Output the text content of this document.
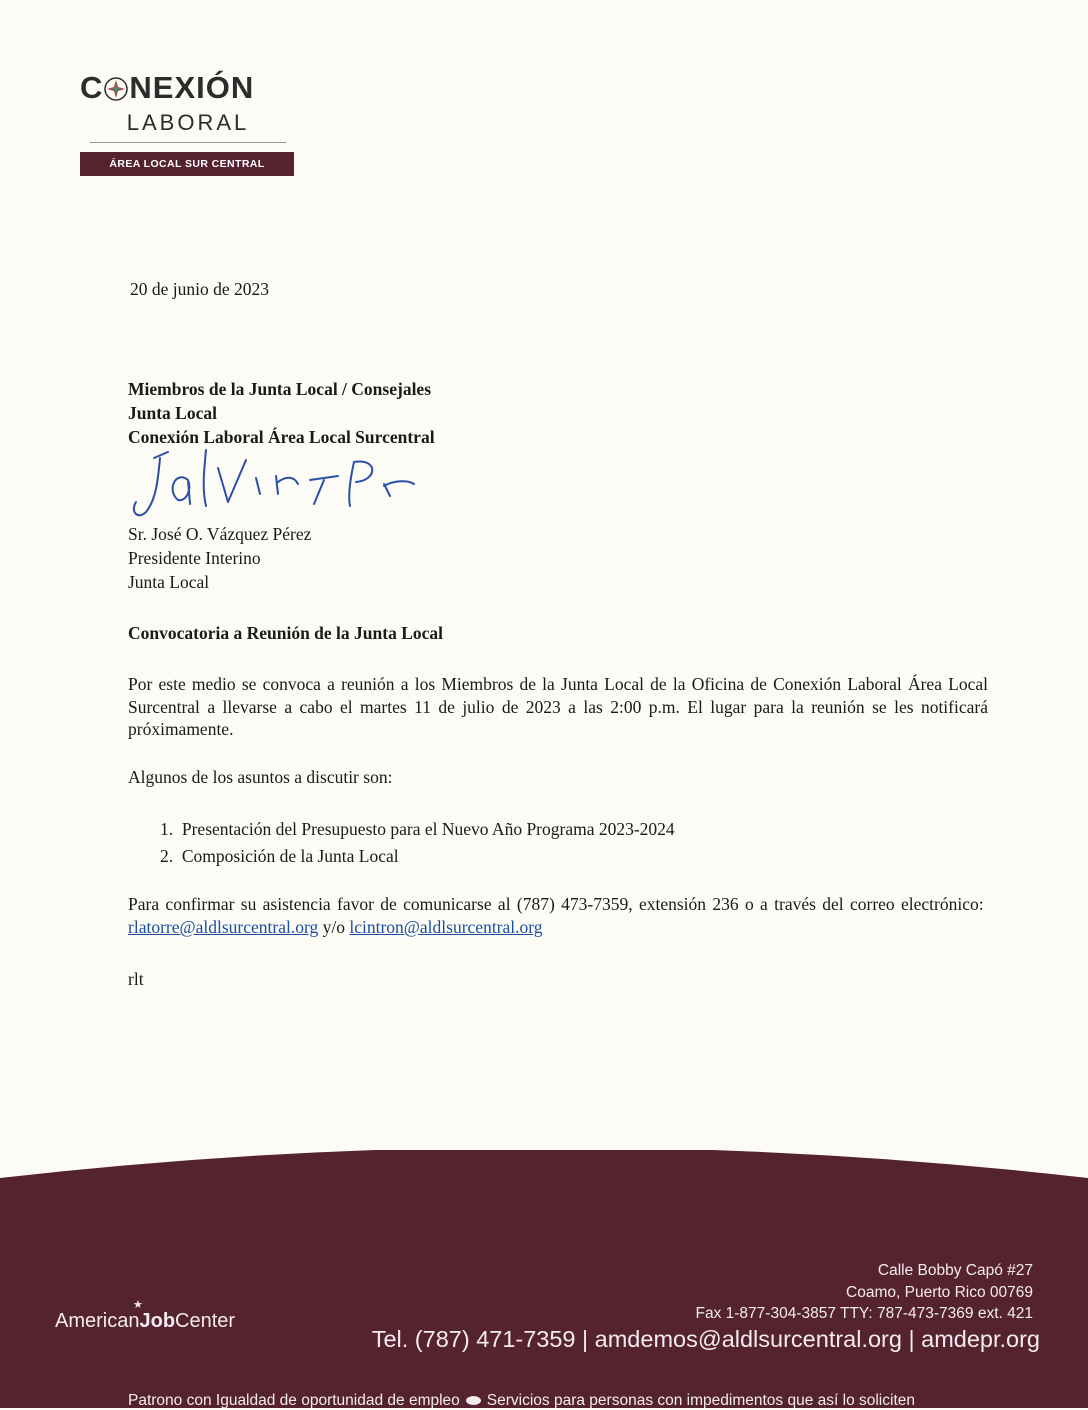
C NEXIÓN
LABORAL
ÁREA LOCAL SUR CENTRAL
20 de junio de 2023
Miembros de la Junta Local / Consejales
Junta Local
Conexión Laboral Área Local Surcentral
Sr. José O. Vázquez Pérez
Presidente Interino
Junta Local
Convocatoria a Reunión de la Junta Local
Por este medio se convoca a reunión a los Miembros de la Junta Local de la Oficina de Conexión Laboral Área Local Surcentral a llevarse a cabo el martes 11 de julio de 2023 a las 2:00 p.m. El lugar para la reunión se les notificará próximamente.
Algunos de los asuntos a discutir son:
1. Presentación del Presupuesto para el Nuevo Año Programa 2023-2024
2. Composición de la Junta Local
Para confirmar su asistencia favor de comunicarse al (787) 473-7359, extensión 236 o a través del correo electrónico:  rlatorre@aldlsurcentral.org y/o lcintron@aldlsurcentral.org
rlt
AmericanJobCenter
★
Calle Bobby Capó #27
Coamo, Puerto Rico 00769
Fax 1-877-304-3857 TTY: 787-473-7369 ext. 421
Tel. (787) 471-7359 | amdemos@aldlsurcentral.org | amdepr.org
Patrono con Igualdad de oportunidad de empleo Servicios para personas con impedimentos que así lo soliciten
